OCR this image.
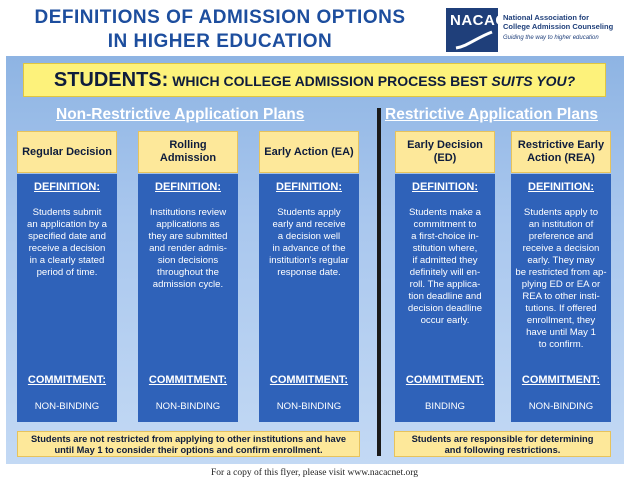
DEFINITIONS OF ADMISSION OPTIONS
IN HIGHER EDUCATION
NACAC
National Association for
College Admission Counseling
Guiding the way to higher education
STUDENTS: WHICH COLLEGE ADMISSION PROCESS BEST SUITS YOU?
Non-Restrictive Application Plans	Restrictive Application Plans
Regular Decision
DEFINITION:
Students submit
an application by a
specified date and
receive a decision
in a clearly stated
period of time.
COMMITMENT:
NON-BINDING
Rolling Admission
DEFINITION:
Institutions review
applications as
they are submitted
and render admis-
sion decisions
throughout the
admission cycle.
COMMITMENT:
NON-BINDING
Early Action (EA)
DEFINITION:
Students apply
early and receive
a decision well
in advance of the
institution's regular
response date.
COMMITMENT:
NON-BINDING
Early Decision (ED)
DEFINITION:
Students make a
commitment to
a first-choice in-
stitution where,
if admitted they
definitely will en-
roll. The applica-
tion deadline and
decision deadline
occur early.
COMMITMENT:
BINDING
Restrictive Early Action (REA)
DEFINITION:
Students apply to
an institution of
preference and
receive a decision
early. They may
be restricted from ap-
plying ED or EA or
REA to other insti-
tutions. If offered
enrollment, they
have until May 1
to confirm.
COMMITMENT:
NON-BINDING
Students are not restricted from applying to other institutions and have
until May 1 to consider their options and confirm enrollment.
Students are responsible for determining
and following restrictions.
For a copy of this flyer, please visit www.nacacnet.org
